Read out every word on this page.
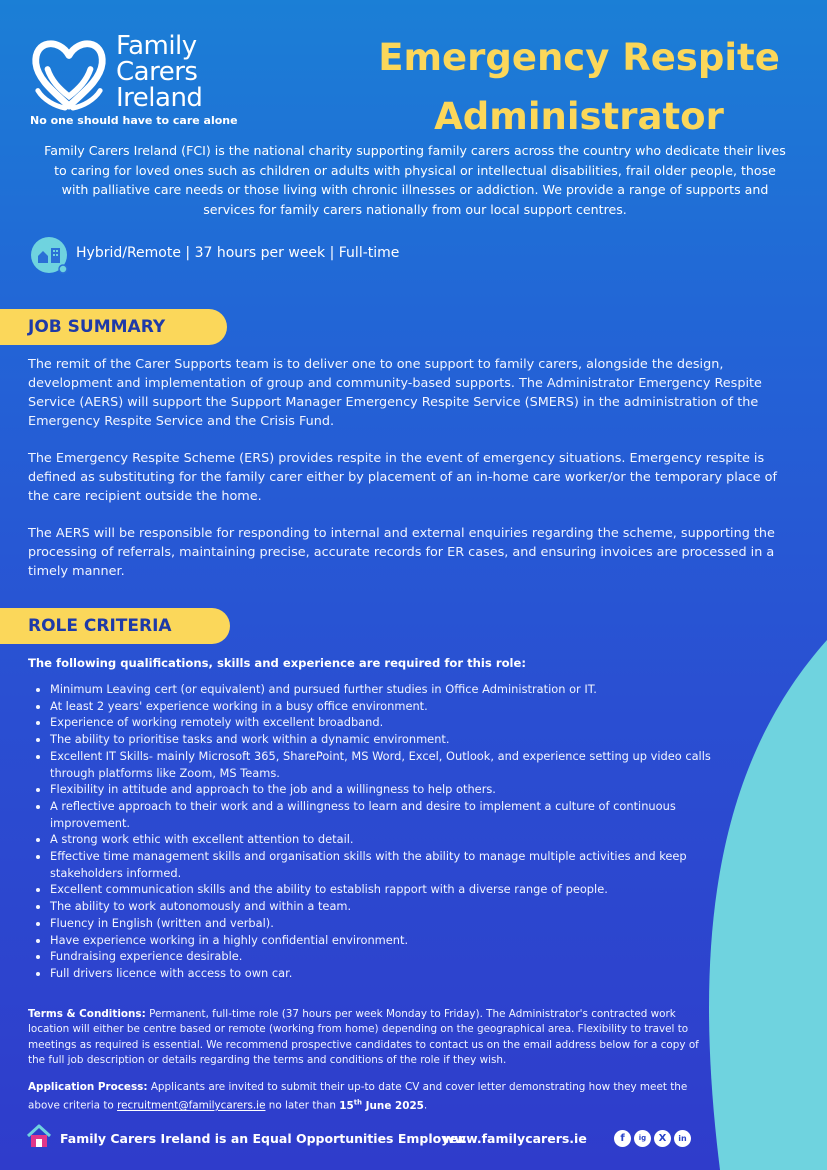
Family
Carers
Ireland
No one should have to care alone
Emergency Respite
Administrator
Family Carers Ireland (FCI) is the national charity supporting family carers across the country who dedicate their lives to caring for loved ones such as children or adults with physical or intellectual disabilities, frail older people, those with palliative care needs or those living with chronic illnesses or addiction. We provide a range of supports and services for family carers nationally from our local support centres.
Hybrid/Remote | 37 hours per week | Full-time
JOB SUMMARY
The remit of the Carer Supports team is to deliver one to one support to family carers, alongside the design, development and implementation of group and community-based supports. The Administrator Emergency Respite Service (AERS) will support the Support Manager Emergency Respite Service (SMERS) in the administration of the Emergency Respite Service and the Crisis Fund.
The Emergency Respite Scheme (ERS) provides respite in the event of emergency situations. Emergency respite is defined as substituting for the family carer either by placement of an in-home care worker/or the temporary place of the care recipient outside the home.
The AERS will be responsible for responding to internal and external enquiries regarding the scheme, supporting the processing of referrals, maintaining precise, accurate records for ER cases, and ensuring invoices are processed in a timely manner.
ROLE CRITERIA
The following qualifications, skills and experience are required for this role:
• Minimum Leaving cert (or equivalent) and pursued further studies in Office Administration or IT.
• At least 2 years' experience working in a busy office environment.
• Experience of working remotely with excellent broadband.
• The ability to prioritise tasks and work within a dynamic environment.
• Excellent IT Skills- mainly Microsoft 365, SharePoint, MS Word, Excel, Outlook, and experience setting up video calls through platforms like Zoom, MS Teams.
• Flexibility in attitude and approach to the job and a willingness to help others.
• A reflective approach to their work and a willingness to learn and desire to implement a culture of continuous improvement.
• A strong work ethic with excellent attention to detail.
• Effective time management skills and organisation skills with the ability to manage multiple activities and keep stakeholders informed.
• Excellent communication skills and the ability to establish rapport with a diverse range of people.
• The ability to work autonomously and within a team.
• Fluency in English (written and verbal).
• Have experience working in a highly confidential environment.
• Fundraising experience desirable.
• Full drivers licence with access to own car.
Terms & Conditions: Permanent, full-time role (37 hours per week Monday to Friday). The Administrator's contracted work location will either be centre based or remote (working from home) depending on the geographical area. Flexibility to travel to meetings as required is essential. We recommend prospective candidates to contact us on the email address below for a copy of the full job description or details regarding the terms and conditions of the role if they wish.
Application Process: Applicants are invited to submit their up-to date CV and cover letter demonstrating how they meet the above criteria to recruitment@familycarers.ie no later than 15th June 2025.
Family Carers Ireland is an Equal Opportunities Employer.
www.familycarers.ie	f	ig	X	in
